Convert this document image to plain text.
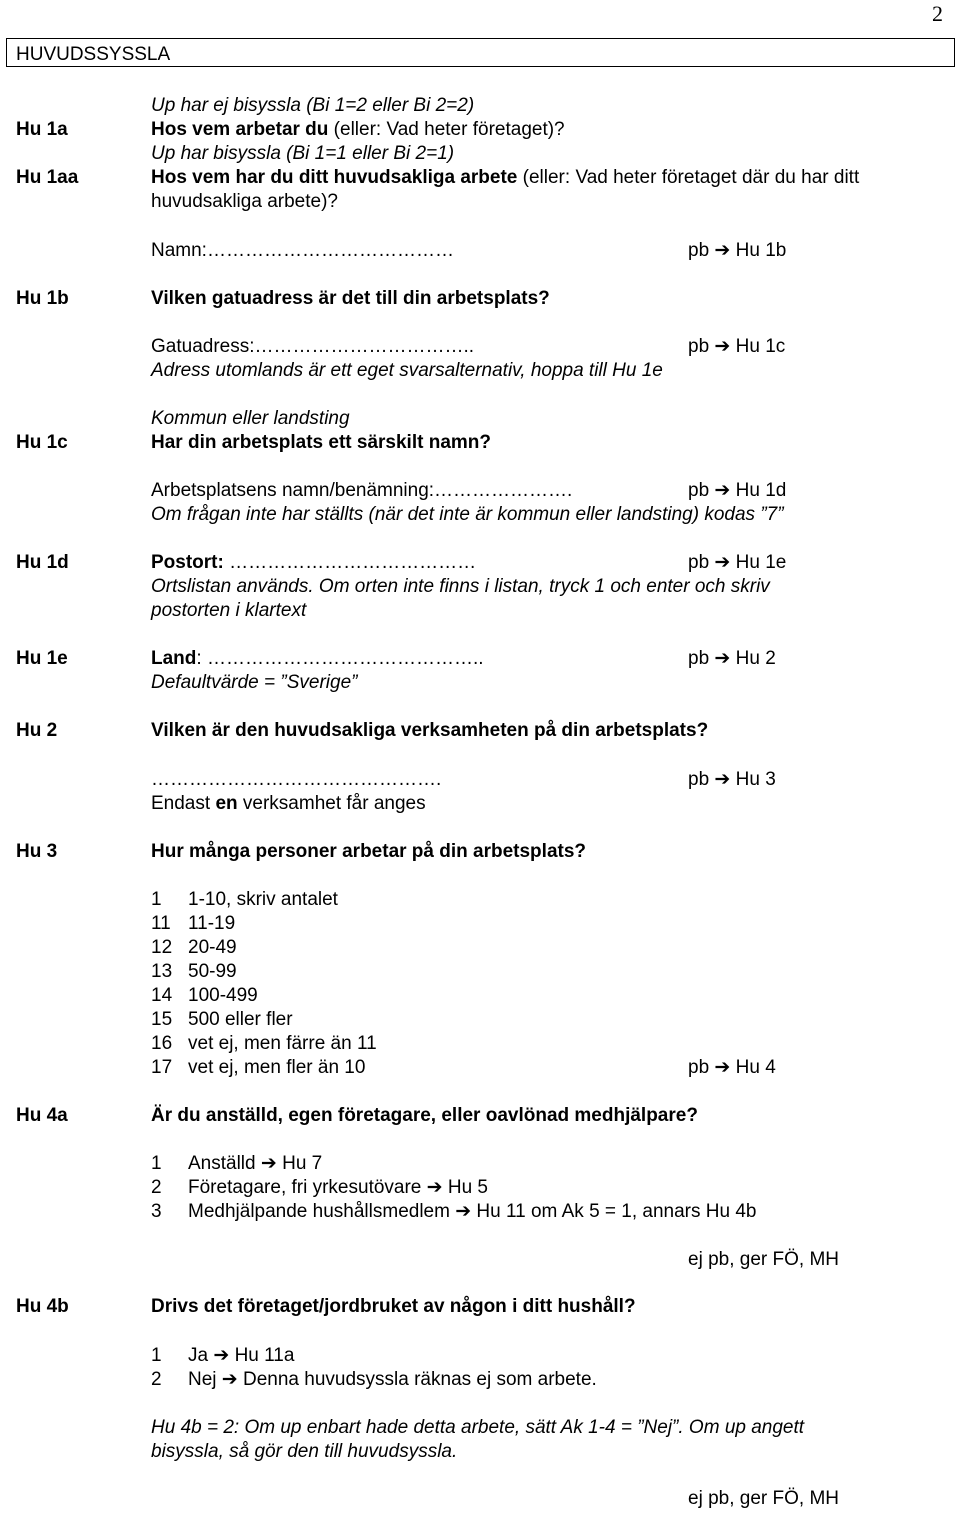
2
HUVUDSSYSSLA
Up har ej bisyssla (Bi 1=2 eller Bi 2=2)
Hu 1a	Hos vem arbetar du (eller: Vad heter företaget)?
Up har bisyssla (Bi 1=1 eller Bi 2=1)
Hu 1aa	Hos vem har du ditt huvudsakliga arbete (eller: Vad heter företaget där du har ditt
huvudsakliga arbete)?
Namn:…………………………………	pb ➔ Hu 1b
Hu 1b	Vilken gatuadress är det till din arbetsplats?
Gatuadress:……………………………..	pb ➔ Hu 1c
Adress utomlands är ett eget svarsalternativ, hoppa till Hu 1e
Kommun eller landsting
Hu 1c	Har din arbetsplats ett särskilt namn?
Arbetsplatsens namn/benämning:………………….	pb ➔ Hu 1d
Om frågan inte har ställts (när det inte är kommun eller landsting) kodas ”7”
Hu 1d	Postort: …………………………………	pb ➔ Hu 1e
Ortslistan används. Om orten inte finns i listan, tryck 1 och enter och skriv
postorten i klartext
Hu 1e	Land: ……………………………………..	pb ➔ Hu 2
Defaultvärde = ”Sverige”
Hu 2	Vilken är den huvudsakliga verksamheten på din arbetsplats?
……………………………………….	pb ➔ Hu 3
Endast en verksamhet får anges
Hu 3	Hur många personer arbetar på din arbetsplats?
1 1-10, skriv antalet
11 11-19
12 20-49
13 50-99
14 100-499
15 500 eller fler
16 vet ej, men färre än 11
17 vet ej, men fler än 10	pb ➔ Hu 4
Hu 4a	Är du anställd, egen företagare, eller oavlönad medhjälpare?
1 Anställd ➔ Hu 7
2 Företagare, fri yrkesutövare ➔ Hu 5
3 Medhjälpande hushållsmedlem ➔ Hu 11 om Ak 5 = 1, annars Hu 4b
ej pb, ger FÖ, MH
Hu 4b	Drivs det företaget/jordbruket av någon i ditt hushåll?
1 Ja ➔ Hu 11a
2 Nej ➔ Denna huvudsyssla räknas ej som arbete.
Hu 4b = 2: Om up enbart hade detta arbete, sätt Ak 1-4 = ”Nej”. Om up angett
bisyssla, så gör den till huvudsyssla.
ej pb, ger FÖ, MH
